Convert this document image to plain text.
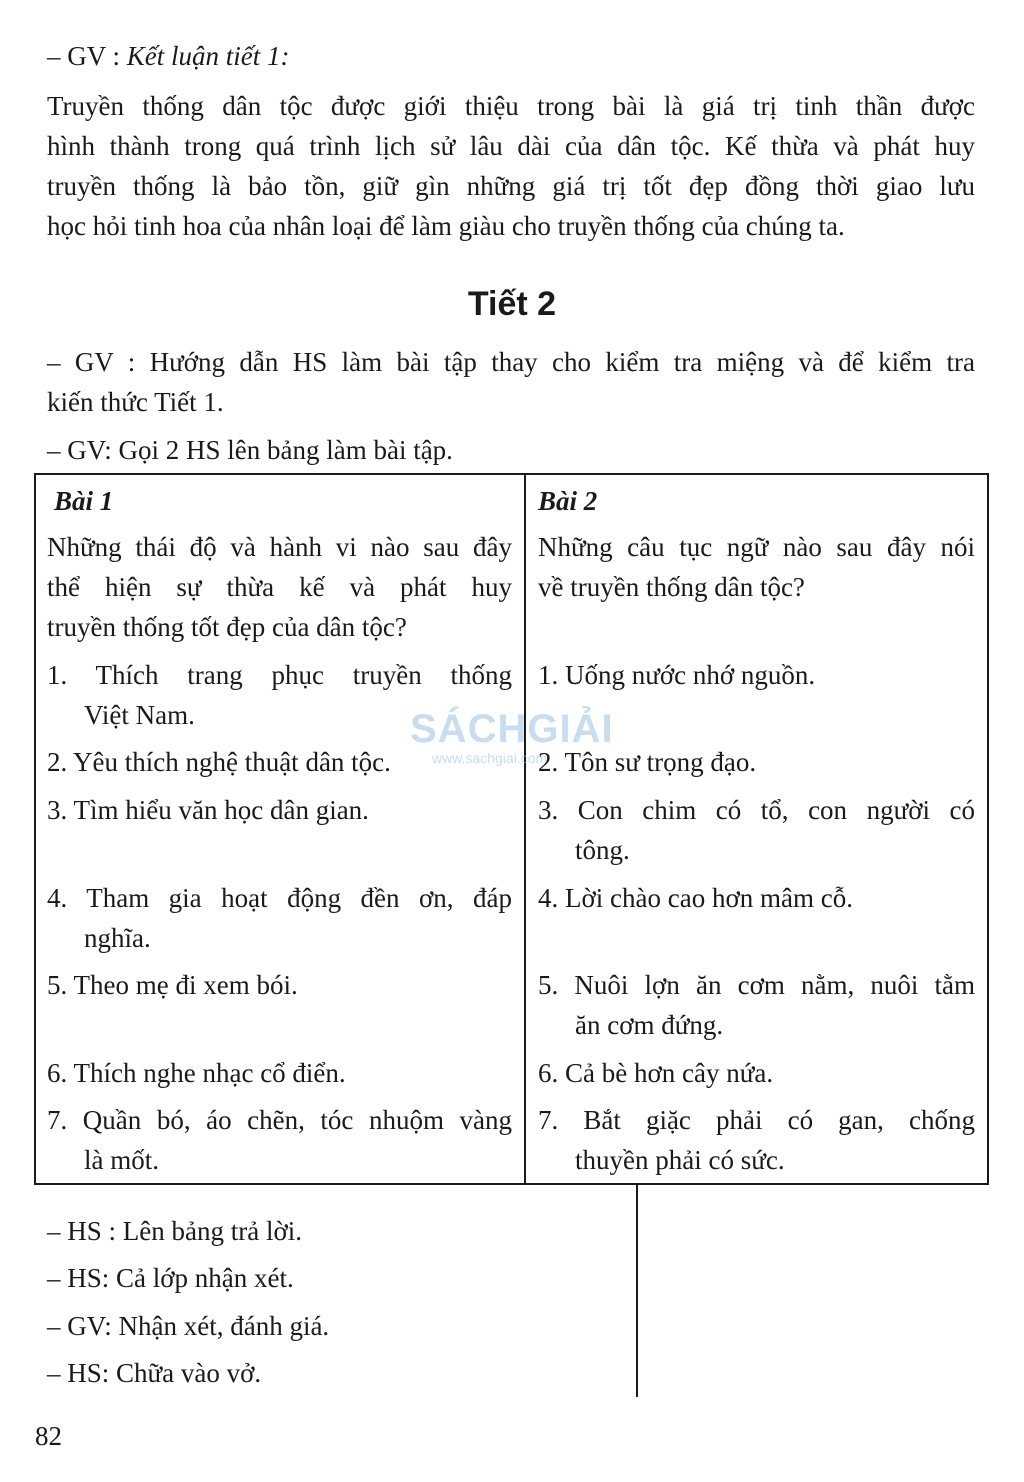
– GV : Kết luận tiết 1:
Truyền thống dân tộc được giới thiệu trong bài là giá trị tinh thần được
hình thành trong quá trình lịch sử lâu dài của dân tộc. Kế thừa và phát huy
truyền thống là bảo tồn, giữ gìn những giá trị tốt đẹp đồng thời giao lưu
học hỏi tinh hoa của nhân loại để làm giàu cho truyền thống của chúng ta.
Tiết 2
– GV : Hướng dẫn HS làm bài tập thay cho kiểm tra miệng và để kiểm tra
kiến thức Tiết 1.
– GV: Gọi 2 HS lên bảng làm bài tập.
Bài 1
Những thái độ và hành vi nào sau đây
thể hiện sự thừa kế và phát huy
truyền thống tốt đẹp của dân tộc?
1. Thích trang phục truyền thống
Việt Nam.
2. Yêu thích nghệ thuật dân tộc.
3. Tìm hiểu văn học dân gian.
4. Tham gia hoạt động đền ơn, đáp
nghĩa.
5. Theo mẹ đi xem bói.
6. Thích nghe nhạc cổ điển.
7. Quần bó, áo chẽn, tóc nhuộm vàng
là mốt.
Bài 2
Những câu tục ngữ nào sau đây nói
về truyền thống dân tộc?
1. Uống nước nhớ nguồn.
2. Tôn sư trọng đạo.
3. Con chim có tổ, con người có
tông.
4. Lời chào cao hơn mâm cỗ.
5. Nuôi lợn ăn cơm nằm, nuôi tằm
ăn cơm đứng.
6. Cả bè hơn cây nứa.
7. Bắt giặc phải có gan, chống
thuyền phải có sức.
SÁCHGIẢI
www.sachgiai.com
– HS : Lên bảng trả lời.
– HS: Cả lớp nhận xét.
– GV: Nhận xét, đánh giá.
– HS: Chữa vào vở.
82
